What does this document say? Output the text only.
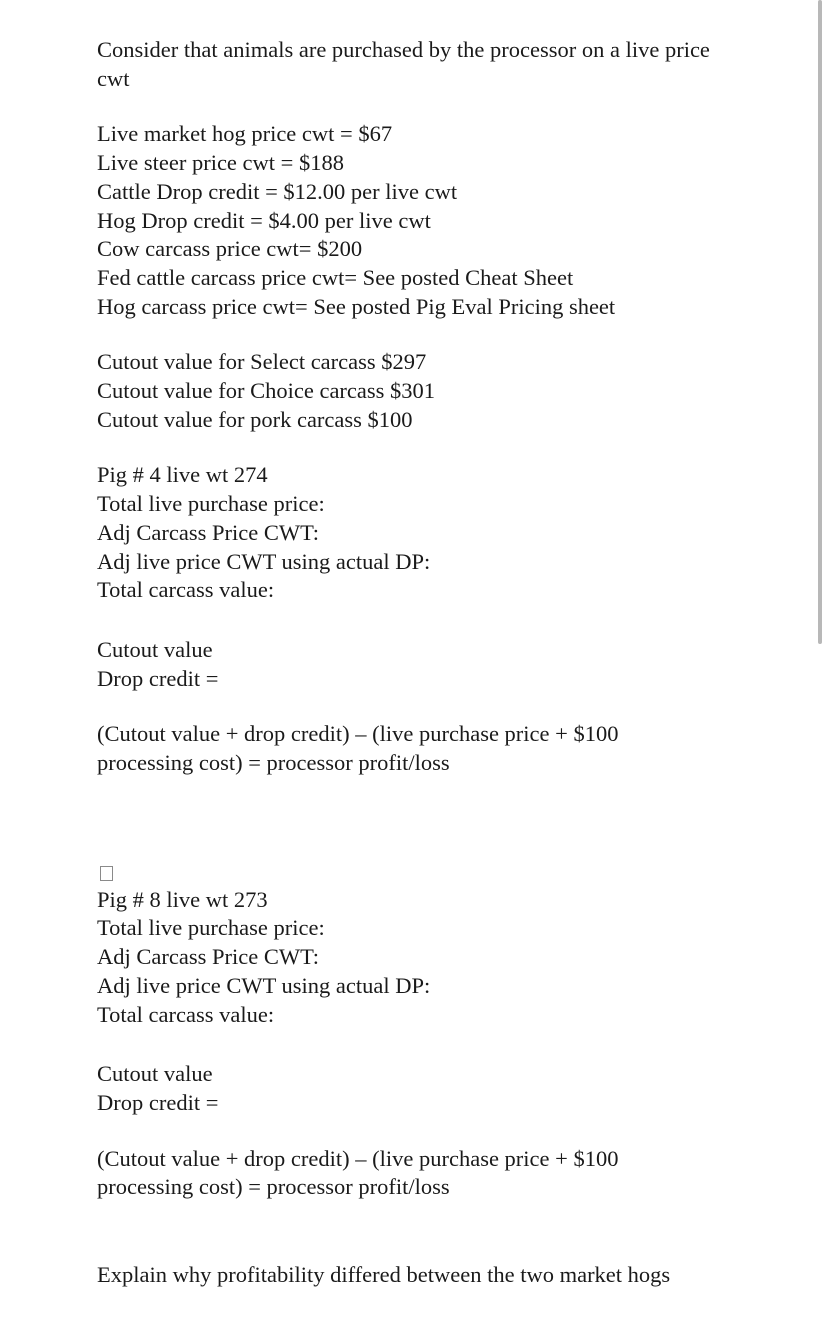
Consider that animals are purchased by the processor on a live price cwt
Live market hog price cwt = $67
Live steer price cwt = $188
Cattle Drop credit = $12.00 per live cwt
Hog Drop credit = $4.00 per live cwt
Cow carcass price cwt= $200
Fed cattle carcass price cwt= See posted Cheat Sheet
Hog carcass price cwt= See posted Pig Eval Pricing sheet
Cutout value for Select carcass $297
Cutout value for Choice carcass $301
Cutout value for pork carcass $100
Pig # 4 live wt 274
Total live purchase price:
Adj Carcass Price CWT:
Adj live price CWT using actual DP:
Total carcass value:
Cutout value
Drop credit =
(Cutout value + drop credit) – (live purchase price + $100 processing cost) = processor profit/loss
Pig # 8 live wt 273
Total live purchase price:
Adj Carcass Price CWT:
Adj live price CWT using actual DP:
Total carcass value:
Cutout value
Drop credit =
(Cutout value + drop credit) – (live purchase price + $100 processing cost) = processor profit/loss
Explain why profitability differed between the two market hogs
